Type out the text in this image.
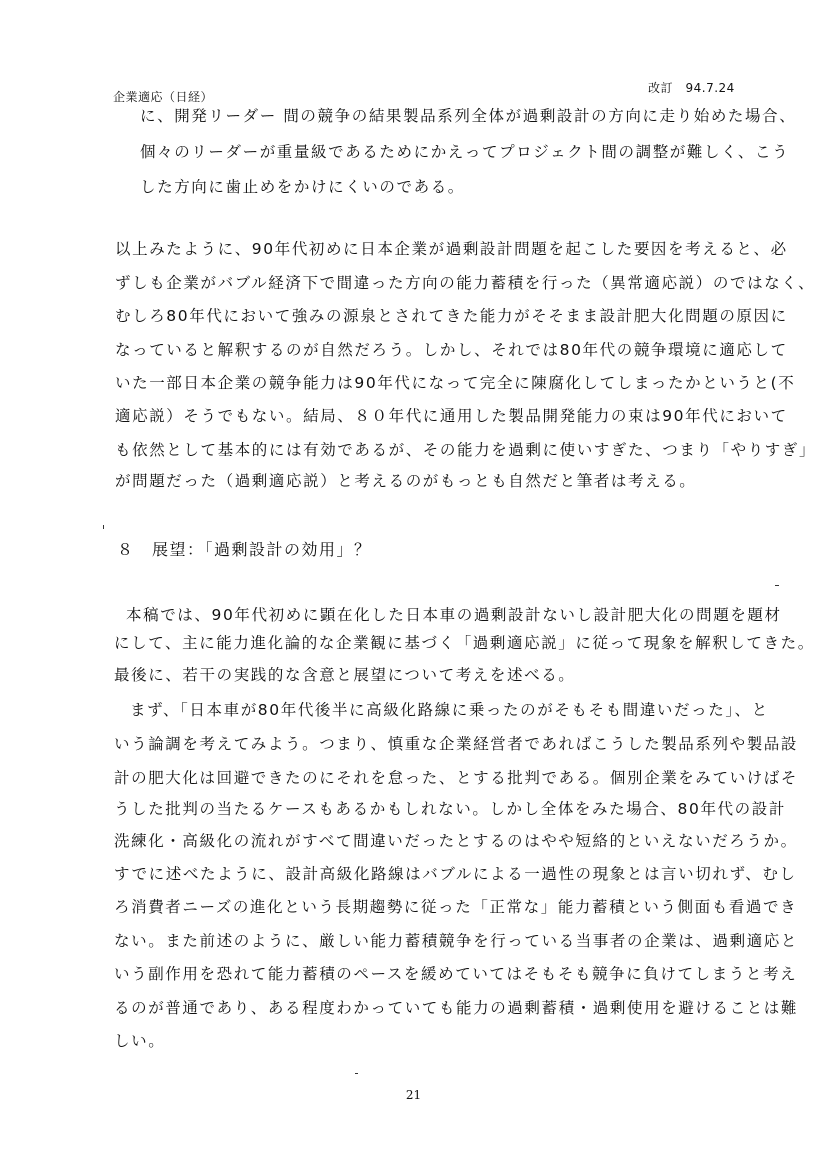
企業適応（日経）
改訂　94.7.24
に、開発リーダー 間の競争の結果製品系列全体が過剰設計の方向に走り始めた場合、
個々のリーダーが重量級であるためにかえってプロジェクト間の調整が難しく、こう
した方向に歯止めをかけにくいのである。
以上みたように、90年代初めに日本企業が過剰設計問題を起こした要因を考えると、必
ずしも企業がバブル経済下で間違った方向の能力蓄積を行った（異常適応説）のではなく、
むしろ80年代において強みの源泉とされてきた能力がそそまま設計肥大化問題の原因に
なっていると解釈するのが自然だろう。しかし、それでは80年代の競争環境に適応して
いた一部日本企業の競争能力は90年代になって完全に陳腐化してしまったかというと(不
適応説）そうでもない。結局、８０年代に通用した製品開発能力の束は90年代において
も依然として基本的には有効であるが、その能力を過剰に使いすぎた、つまり「やりすぎ」
が問題だった（過剰適応説）と考えるのがもっとも自然だと筆者は考える。
８　展望：「過剰設計の効用」？
本稿では、90年代初めに顕在化した日本車の過剰設計ないし設計肥大化の問題を題材
にして、主に能力進化論的な企業観に基づく「過剰適応説」に従って現象を解釈してきた。
最後に、若干の実践的な含意と展望について考えを述べる。
まず、「日本車が80年代後半に高級化路線に乗ったのがそもそも間違いだった」、と
いう論調を考えてみよう。つまり、慎重な企業経営者であればこうした製品系列や製品設
計の肥大化は回避できたのにそれを怠った、とする批判である。個別企業をみていけばそ
うした批判の当たるケースもあるかもしれない。しかし全体をみた場合、80年代の設計
洗練化・高級化の流れがすべて間違いだったとするのはやや短絡的といえないだろうか。
すでに述べたように、設計高級化路線はバブルによる一過性の現象とは言い切れず、むし
ろ消費者ニーズの進化という長期趨勢に従った「正常な」能力蓄積という側面も看過でき
ない。また前述のように、厳しい能力蓄積競争を行っている当事者の企業は、過剰適応と
いう副作用を恐れて能力蓄積のペースを緩めていてはそもそも競争に負けてしまうと考え
るのが普通であり、ある程度わかっていても能力の過剰蓄積・過剰使用を避けることは難
しい。
21
